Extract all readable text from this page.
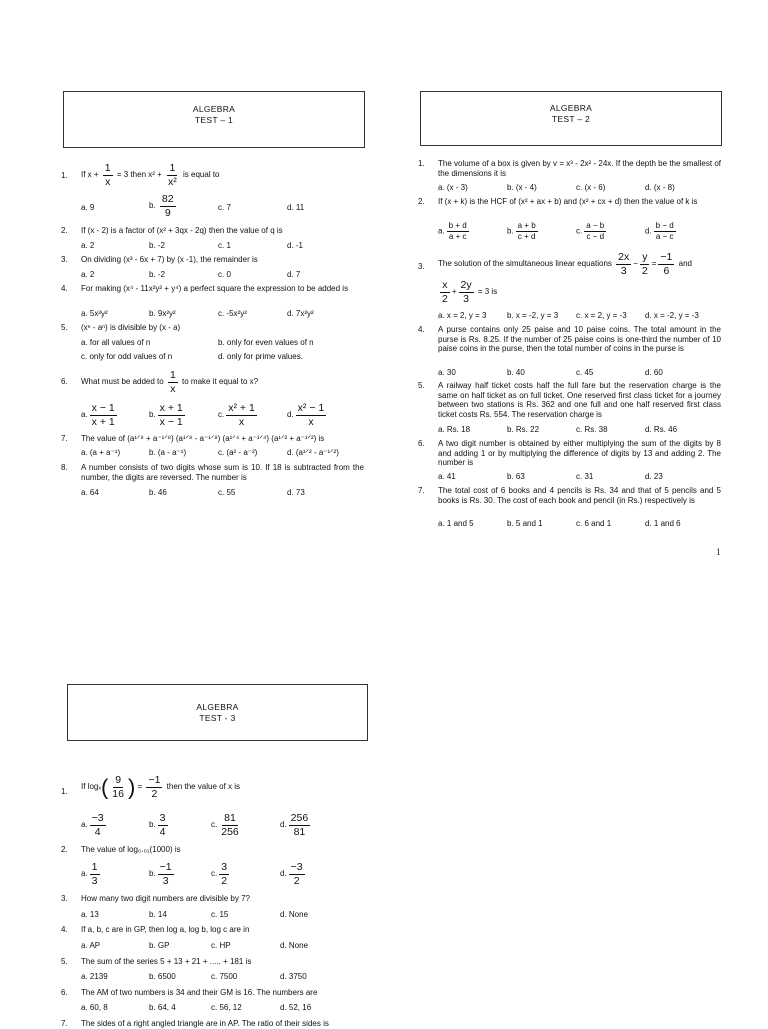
ALGEBRA
TEST – 1
ALGEBRA
TEST – 2
ALGEBRA
TEST - 3
1. If $x + \frac{1}{x} = 3$ then $x^2 + \frac{1}{\text{x²}}$ is equal to
a. 9	b. $\frac{82}{9}$	c. 7	d. 11
2. If (x - 2) is a factor of (x² + 3qx - 2q) then the value of q is
a. 2	b. -2	c. 1	d. -1
3. On dividing (x³ - 6x + 7) by (x -1), the remainder is
a. 2	b. -2	c. 0	d. 7
4. For making (x⁴ - 11x²y² + y⁴) a perfect square the expression to be added is
a. 5x²y²	b. 9x²y²	c. -5x²y²	d. 7x²y²
5. (xⁿ - aⁿ) is divisible by (x - a)
a. for all values of n	b. only for even values of n
c. only for odd values of n	d. only for prime values.
6. What must be added to $\frac{1}{x}$ to make it equal to x?
a. $\frac{x - 1}{x + 1}$	b. $\frac{x + 1}{x - 1}$	c. $\frac{\text{x² + 1}}{x}$	d. $\frac{\text{x² − 1}}{x}$
7. The value of (a¹ᐟ⁸ + a⁻¹ᐟ⁸) (a¹ᐟ⁸ - a⁻¹ᐟ⁸) (a¹ᐟ⁴ + a⁻¹ᐟ⁴) (a¹ᐟ² + a⁻¹ᐟ²) is
a. (a + a⁻¹)	b. (a - a⁻¹)	c. (a² - a⁻²)	d. (a¹ᐟ² - a⁻¹ᐟ²)
8. A number consists of two digits whose sum is 10. If 18 is subtracted from the number, the digits are reversed. The number is
a. 64	b. 46	c. 55	d. 73
1. The volume of a box is given by v = x³ - 2x² - 24x. If the depth be the smallest of the dimensions it is
a. (x - 3)	b. (x - 4)	c. (x - 6)	d. (x - 8)
2. If (x + k) is the HCF of (x² + ax + b) and (x² + cx + d) then the value of k is
a. $\frac{b + d}{a + c}$	b. $\frac{a + b}{c + d}$	c. $\frac{a - b}{c - d}$	d. $\frac{b - d}{a - c}$
3. The solution of the simultaneous linear equations $\frac{2x}{3} - \frac{y}{2} = \frac{-1}{6}$ and
$\frac{x}{2} + \frac{2y}{3} = 3$ is
a. x = 2, y = 3	b. x = -2, y = 3 c. x = 2, y = -3 d. x = -2, y = -3
4. A purse contains only 25 paise and 10 paise coins. The total amount in the purse is Rs. 8.25. If the number of 25 paise coins is one-third the number of 10 paise coins in the purse, then the total number of coins in the purse is
a. 30	b. 40	c. 45	d. 60
5. A railway half ticket costs half the full fare but the reservation charge is the same on half ticket as on full ticket. One reserved first class ticket for a journey between two stations is Rs. 362 and one full and one half reserved first class ticket costs Rs. 554. The reservation charge is
a. Rs. 18	b. Rs. 22	c. Rs. 38	d. Rs. 46
6. A two digit number is obtained by either multiplying the sum of the digits by 8 and adding 1 or by multiplying the difference of digits by 13 and adding 2. The number is
a. 41	b. 63	c. 31	d. 23
7. The total cost of 6 books and 4 pencils is Rs. 34 and that of 5 pencils and 5 books is Rs. 30. The cost of each book and pencil (in Rs.) respectively is
a. 1 and 5	b. 5 and 1	c. 6 and 1	d. 1 and 6
1
1.
If $\log_x( \frac{9}{16}$ ) = $\frac{-1}{2}$ then the value of x is
a. $\frac{-3}{4}$	b. $\frac{3}{4}$	c. $\frac{81}{256}$	d. $\frac{256}{81}$
2. The value of log₀.₀₁(1000) is
a. $\frac{1}{3}$	b. $\frac{-1}{3}$	c. $\frac{3}{2}$	d. $\frac{-3}{2}$
3. How many two digit numbers are divisible by 7?
a. 13	b. 14	c. 15	d. None
4. If a, b, c are in GP, then log a, log b, log c are in
a. AP	b. GP	c. HP	d. None
5. The sum of the series 5 + 13 + 21 + ..... + 181 is
a. 2139	b. 6500	c. 7500	d. 3750
6. The AM of two numbers is 34 and their GM is 16. The numbers are
a. 60, 8	b. 64, 4	c. 56, 12	d. 52, 16
7. The sides of a right angled triangle are in AP. The ratio of their sides is
